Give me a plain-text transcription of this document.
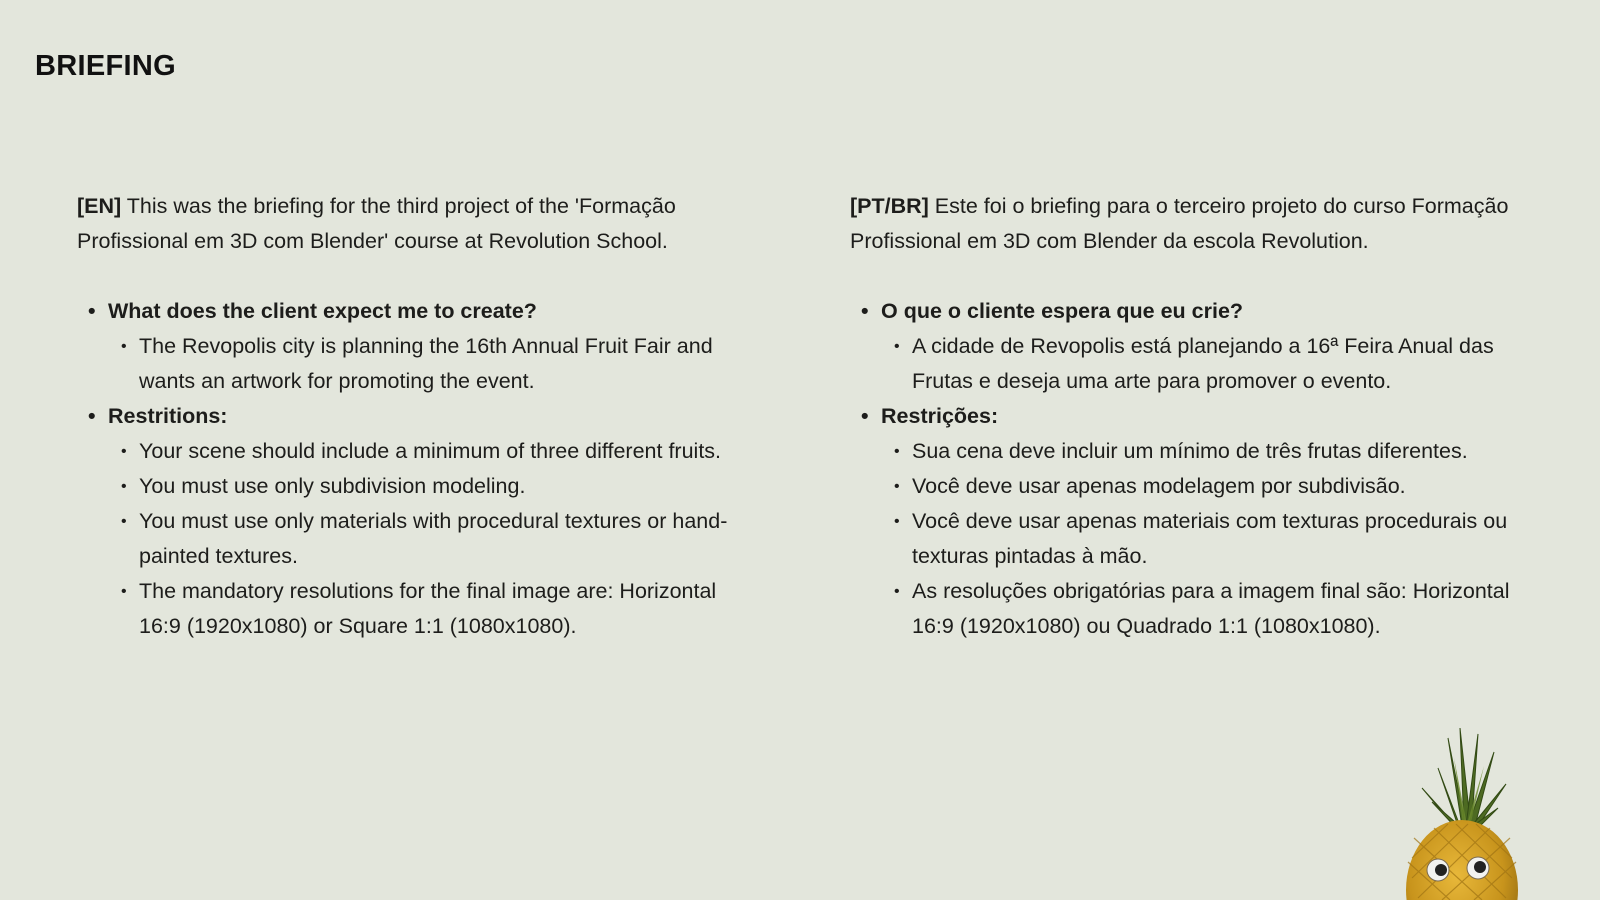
BRIEFING

[EN] This was the briefing for the third project of the 'Formação Profissional em 3D com Blender' course at Revolution School.

• What does the client expect me to create?
• The Revopolis city is planning the 16th Annual Fruit Fair and wants an artwork for promoting the event.
• Restritions:
• Your scene should include a minimum of three different fruits.
• You must use only subdivision modeling.
• You must use only materials with procedural textures or hand-painted textures.
• The mandatory resolutions for the final image are: Horizontal 16:9 (1920x1080) or Square 1:1 (1080x1080).

[PT/BR] Este foi o briefing para o terceiro projeto do curso Formação Profissional em 3D com Blender da escola Revolution.

• O que o cliente espera que eu crie?
• A cidade de Revopolis está planejando a 16ª Feira Anual das Frutas e deseja uma arte para promover o evento.
• Restrições:
• Sua cena deve incluir um mínimo de três frutas diferentes.
• Você deve usar apenas modelagem por subdivisão.
• Você deve usar apenas materiais com texturas procedurais ou texturas pintadas à mão.
• As resoluções obrigatórias para a imagem final são: Horizontal 16:9 (1920x1080) ou Quadrado 1:1 (1080x1080).
